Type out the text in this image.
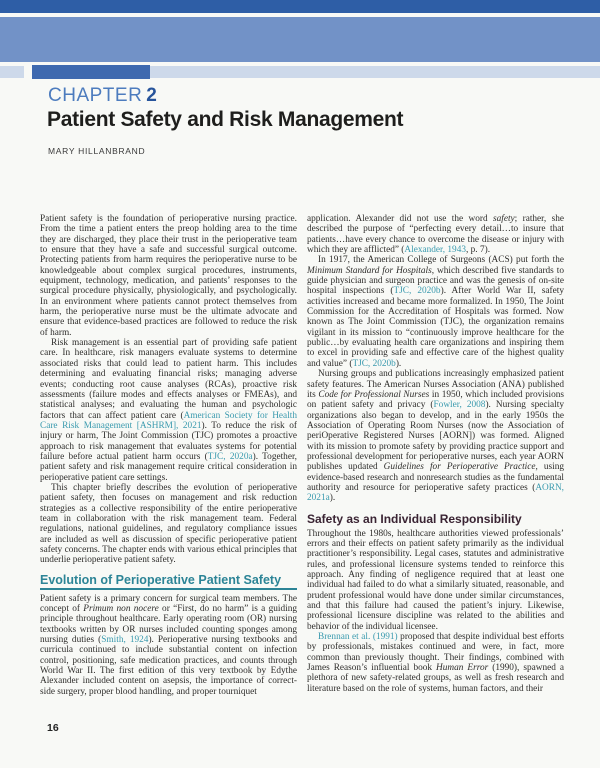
CHAPTER 2
Patient Safety and Risk Management
MARY HILLANBRAND

Patient safety is the foundation of perioperative nursing practice. From the time a patient enters the preop holding area to the time they are discharged, they place their trust in the perioperative team to ensure that they have a safe and successful surgical outcome. Protecting patients from harm requires the perioperative nurse to be knowledgeable about complex surgical procedures, instruments, equipment, technology, medication, and patients’ responses to the surgical procedure physically, physiologically, and psychologically. In an environment where patients cannot protect themselves from harm, the perioperative nurse must be the ultimate advocate and ensure that evidence-based practices are followed to reduce the risk of harm.

Risk management is an essential part of providing safe patient care. In healthcare, risk managers evaluate systems to determine associated risks that could lead to patient harm. This includes determining and evaluating financial risks; managing adverse events; conducting root cause analyses (RCAs), proactive risk assessments (failure modes and effects analyses or FMEAs), and statistical analyses; and evaluating the human and psychologic factors that can affect patient care (American Society for Health Care Risk Management [ASHRM], 2021). To reduce the risk of injury or harm, The Joint Commission (TJC) promotes a proactive approach to risk management that evaluates systems for potential failure before actual patient harm occurs (TJC, 2020a). Together, patient safety and risk management require critical consideration in perioperative patient care settings.

This chapter briefly describes the evolution of perioperative patient safety, then focuses on management and risk reduction strategies as a collective responsibility of the entire perioperative team in collaboration with the risk management team. Federal regulations, national guidelines, and regulatory compliance issues are included as well as discussion of specific perioperative patient safety concerns. The chapter ends with various ethical principles that underlie perioperative patient safety.

Evolution of Perioperative Patient Safety

Patient safety is a primary concern for surgical team members. The concept of Primum non nocere or “First, do no harm” is a guiding principle throughout healthcare. Early operating room (OR) nursing textbooks written by OR nurses included counting sponges among nursing duties (Smith, 1924). Perioperative nursing textbooks and curricula continued to include substantial content on infection control, positioning, safe medication practices, and counts through World War II. The first edition of this very textbook by Edythe Alexander included content on asepsis, the importance of correct-side surgery, proper blood handling, and proper tourniquet

application. Alexander did not use the word safety; rather, she described the purpose of “perfecting every detail…to insure that patients…have every chance to overcome the disease or injury with which they are afflicted” (Alexander, 1943, p. 7).

In 1917, the American College of Surgeons (ACS) put forth the Minimum Standard for Hospitals, which described five standards to guide physician and surgeon practice and was the genesis of on-site hospital inspections (TJC, 2020b). After World War II, safety activities increased and became more formalized. In 1950, The Joint Commission for the Accreditation of Hospitals was formed. Now known as The Joint Commission (TJC), the organization remains vigilant in its mission to “continuously improve healthcare for the public…by evaluating health care organizations and inspiring them to excel in providing safe and effective care of the highest quality and value” (TJC, 2020b).

Nursing groups and publications increasingly emphasized patient safety features. The American Nurses Association (ANA) published its Code for Professional Nurses in 1950, which included provisions on patient safety and privacy (Fowler, 2008). Nursing specialty organizations also began to develop, and in the early 1950s the Association of Operating Room Nurses (now the Association of periOperative Registered Nurses [AORN]) was formed. Aligned with its mission to promote safety by providing practice support and professional development for perioperative nurses, each year AORN publishes updated Guidelines for Perioperative Practice, using evidence-based research and nonresearch studies as the fundamental authority and resource for perioperative safety practices (AORN, 2021a).

Safety as an Individual Responsibility

Throughout the 1980s, healthcare authorities viewed professionals’ errors and their effects on patient safety primarily as the individual practitioner’s responsibility. Legal cases, statutes and administrative rules, and professional licensure systems tended to reinforce this approach. Any finding of negligence required that at least one individual had failed to do what a similarly situated, reasonable, and prudent professional would have done under similar circumstances, and that this failure had caused the patient’s injury. Likewise, professional licensure discipline was related to the abilities and behavior of the individual licensee.

Brennan et al. (1991) proposed that despite individual best efforts by professionals, mistakes continued and were, in fact, more common than previously thought. Their findings, combined with James Reason’s influential book Human Error (1990), spawned a plethora of new safety-related groups, as well as fresh research and literature based on the role of systems, human factors, and their

16
